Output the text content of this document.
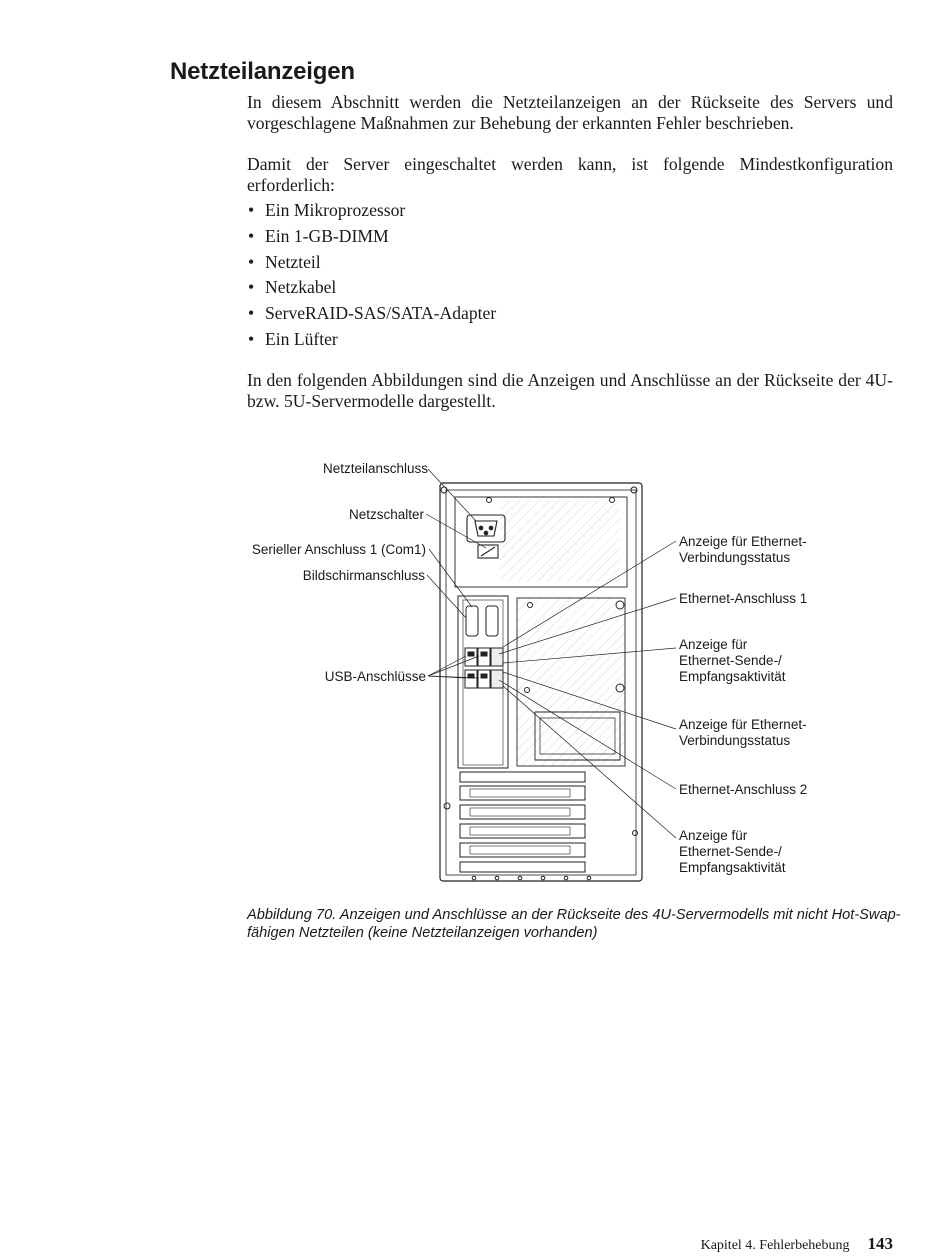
Netzteilanzeigen

In diesem Abschnitt werden die Netzteilanzeigen an der Rückseite des Servers und vorgeschlagene Maßnahmen zur Behebung der erkannten Fehler beschrieben.

Damit der Server eingeschaltet werden kann, ist folgende Mindestkonfiguration erforderlich:

• Ein Mikroprozessor
• Ein 1-GB-DIMM
• Netzteil
• Netzkabel
• ServeRAID-SAS/SATA-Adapter
• Ein Lüfter

In den folgenden Abbildungen sind die Anzeigen und Anschlüsse an der Rückseite der 4U- bzw. 5U-Servermodelle dargestellt.

Netzteilanschluss
Netzschalter
Serieller Anschluss 1 (Com1)
Bildschirmanschluss
USB-Anschlüsse
Anzeige für Ethernet- Verbindungsstatus
Ethernet-Anschluss 1
Anzeige für Ethernet-Sende-/ Empfangsaktivität
Anzeige für Ethernet- Verbindungsstatus
Ethernet-Anschluss 2
Anzeige für Ethernet-Sende-/ Empfangsaktivität

Abbildung 70. Anzeigen und Anschlüsse an der Rückseite des 4U-Servermodells mit nicht Hot-Swap-fähigen Netzteilen (keine Netzteilanzeigen vorhanden)

Kapitel 4. Fehlerbehebung 143
